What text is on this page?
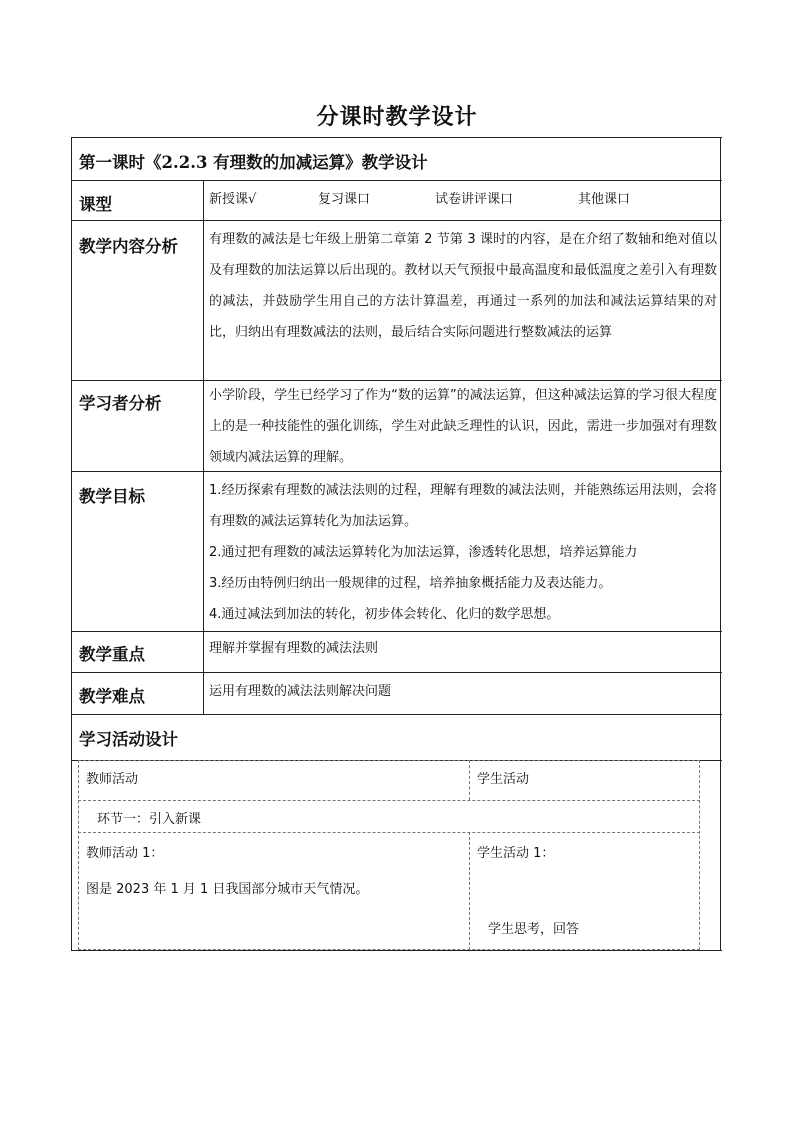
分课时教学设计
第一课时《2.2.3 有理数的加减运算》教学设计
课型	新授课√	复习课口	试卷讲评课口	其他课口
教学内容分析 有理数的减法是七年级上册第二章第 2 节第 3 课时的内容，是在介绍了数轴和绝对值以及有理数的加法运算以后出现的。教材以天气预报中最高温度和最低温度之差引入有理数的减法，并鼓励学生用自己的方法计算温差，再通过一系列的加法和减法运算结果的对比，归纳出有理数减法的法则，最后结合实际问题进行整数减法的运算
学习者分析	小学阶段，学生已经学习了作为“数的运算”的减法运算，但这种减法运算的学习很大程度上的是一种技能性的强化训练，学生对此缺乏理性的认识，因此，需进一步加强对有理数领域内减法运算的理解。
教学目标	1.经历探索有理数的减法法则的过程，理解有理数的减法法则，并能熟练运用法则，会将有理数的减法运算转化为加法运算。

2.通过把有理数的减法运算转化为加法运算，渗透转化思想，培养运算能力

3.经历由特例归纳出一般规律的过程，培养抽象概括能力及表达能力。

4.通过减法到加法的转化，初步体会转化、化归的数学思想。

教学重点	理解并掌握有理数的减法法则
教学难点	运用有理数的减法法则解决问题
学习活动设计
教师活动	学生活动
环节一：引入新课
教师活动 1：
图是 2023 年 1 月 1 日我国部分城市天气情况。
学生活动 1：
学生思考，回答
